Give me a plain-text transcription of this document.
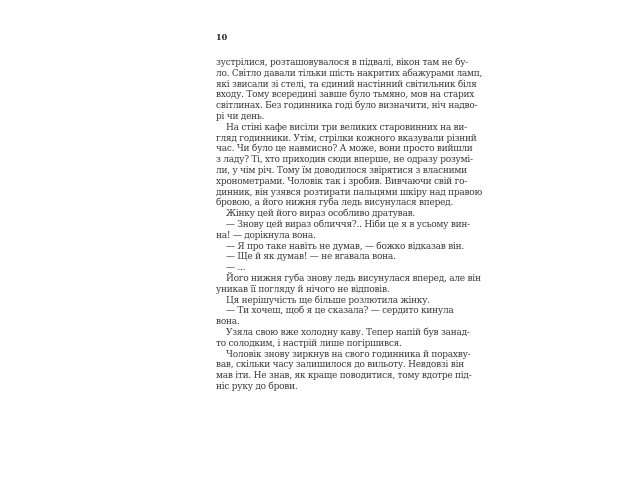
10
зустрілися, розташовувалося в підвалі, вікон там не бу-
ло. Світло давали тільки шість накритих абажурами ламп,
які звисали зі стелі, та єдиний настінний світильник біля
входу. Тому всередині завше було тьмяно, мов на старих
світлинах. Без годинника годі було визначити, ніч надво-
рі чи день.
На стіні кафе висіли три великих старовинних на ви-
гляд годинники. Утім, стрілки кожного вказували різний
час. Чи було це навмисно? А може, вони просто вийшли
з ладу? Ті, хто приходив сюди вперше, не одразу розумі-
ли, у чім річ. Тому їм доводилося звірятися з власними
хронометрами. Чоловік так і зробив. Вивчаючи свій го-
динник, він узявся розтирати пальцями шкіру над правою
бровою, а його нижня губа ледь висунулася вперед.
Жінку цей його вираз особливо дратував.
— Знову цей вираз обличчя?.. Ніби це я в усьому вин-
на! — дорікнула вона.
— Я про таке навіть не думав, — божко відказав він.
— Ще й як думав! — не вгавала вона.
— ...
Його нижня губа знову ледь висунулася вперед, але він
уникав її погляду й нічого не відповів.
Ця нерішучість ще більше розлютила жінку.
— Ти хочеш, щоб я це сказала? — сердито кинула
вона.
Узяла свою вже холодну каву. Тепер напій був занад-
то солодким, і настрій лише погіршився.
Чоловік знову зиркнув на свого годинника й порахву-
вав, скільки часу залишилося до вильоту. Невдовзі він
мав іти. Не знав, як краще поводитися, тому вдотре під-
ніс руку до брови.
